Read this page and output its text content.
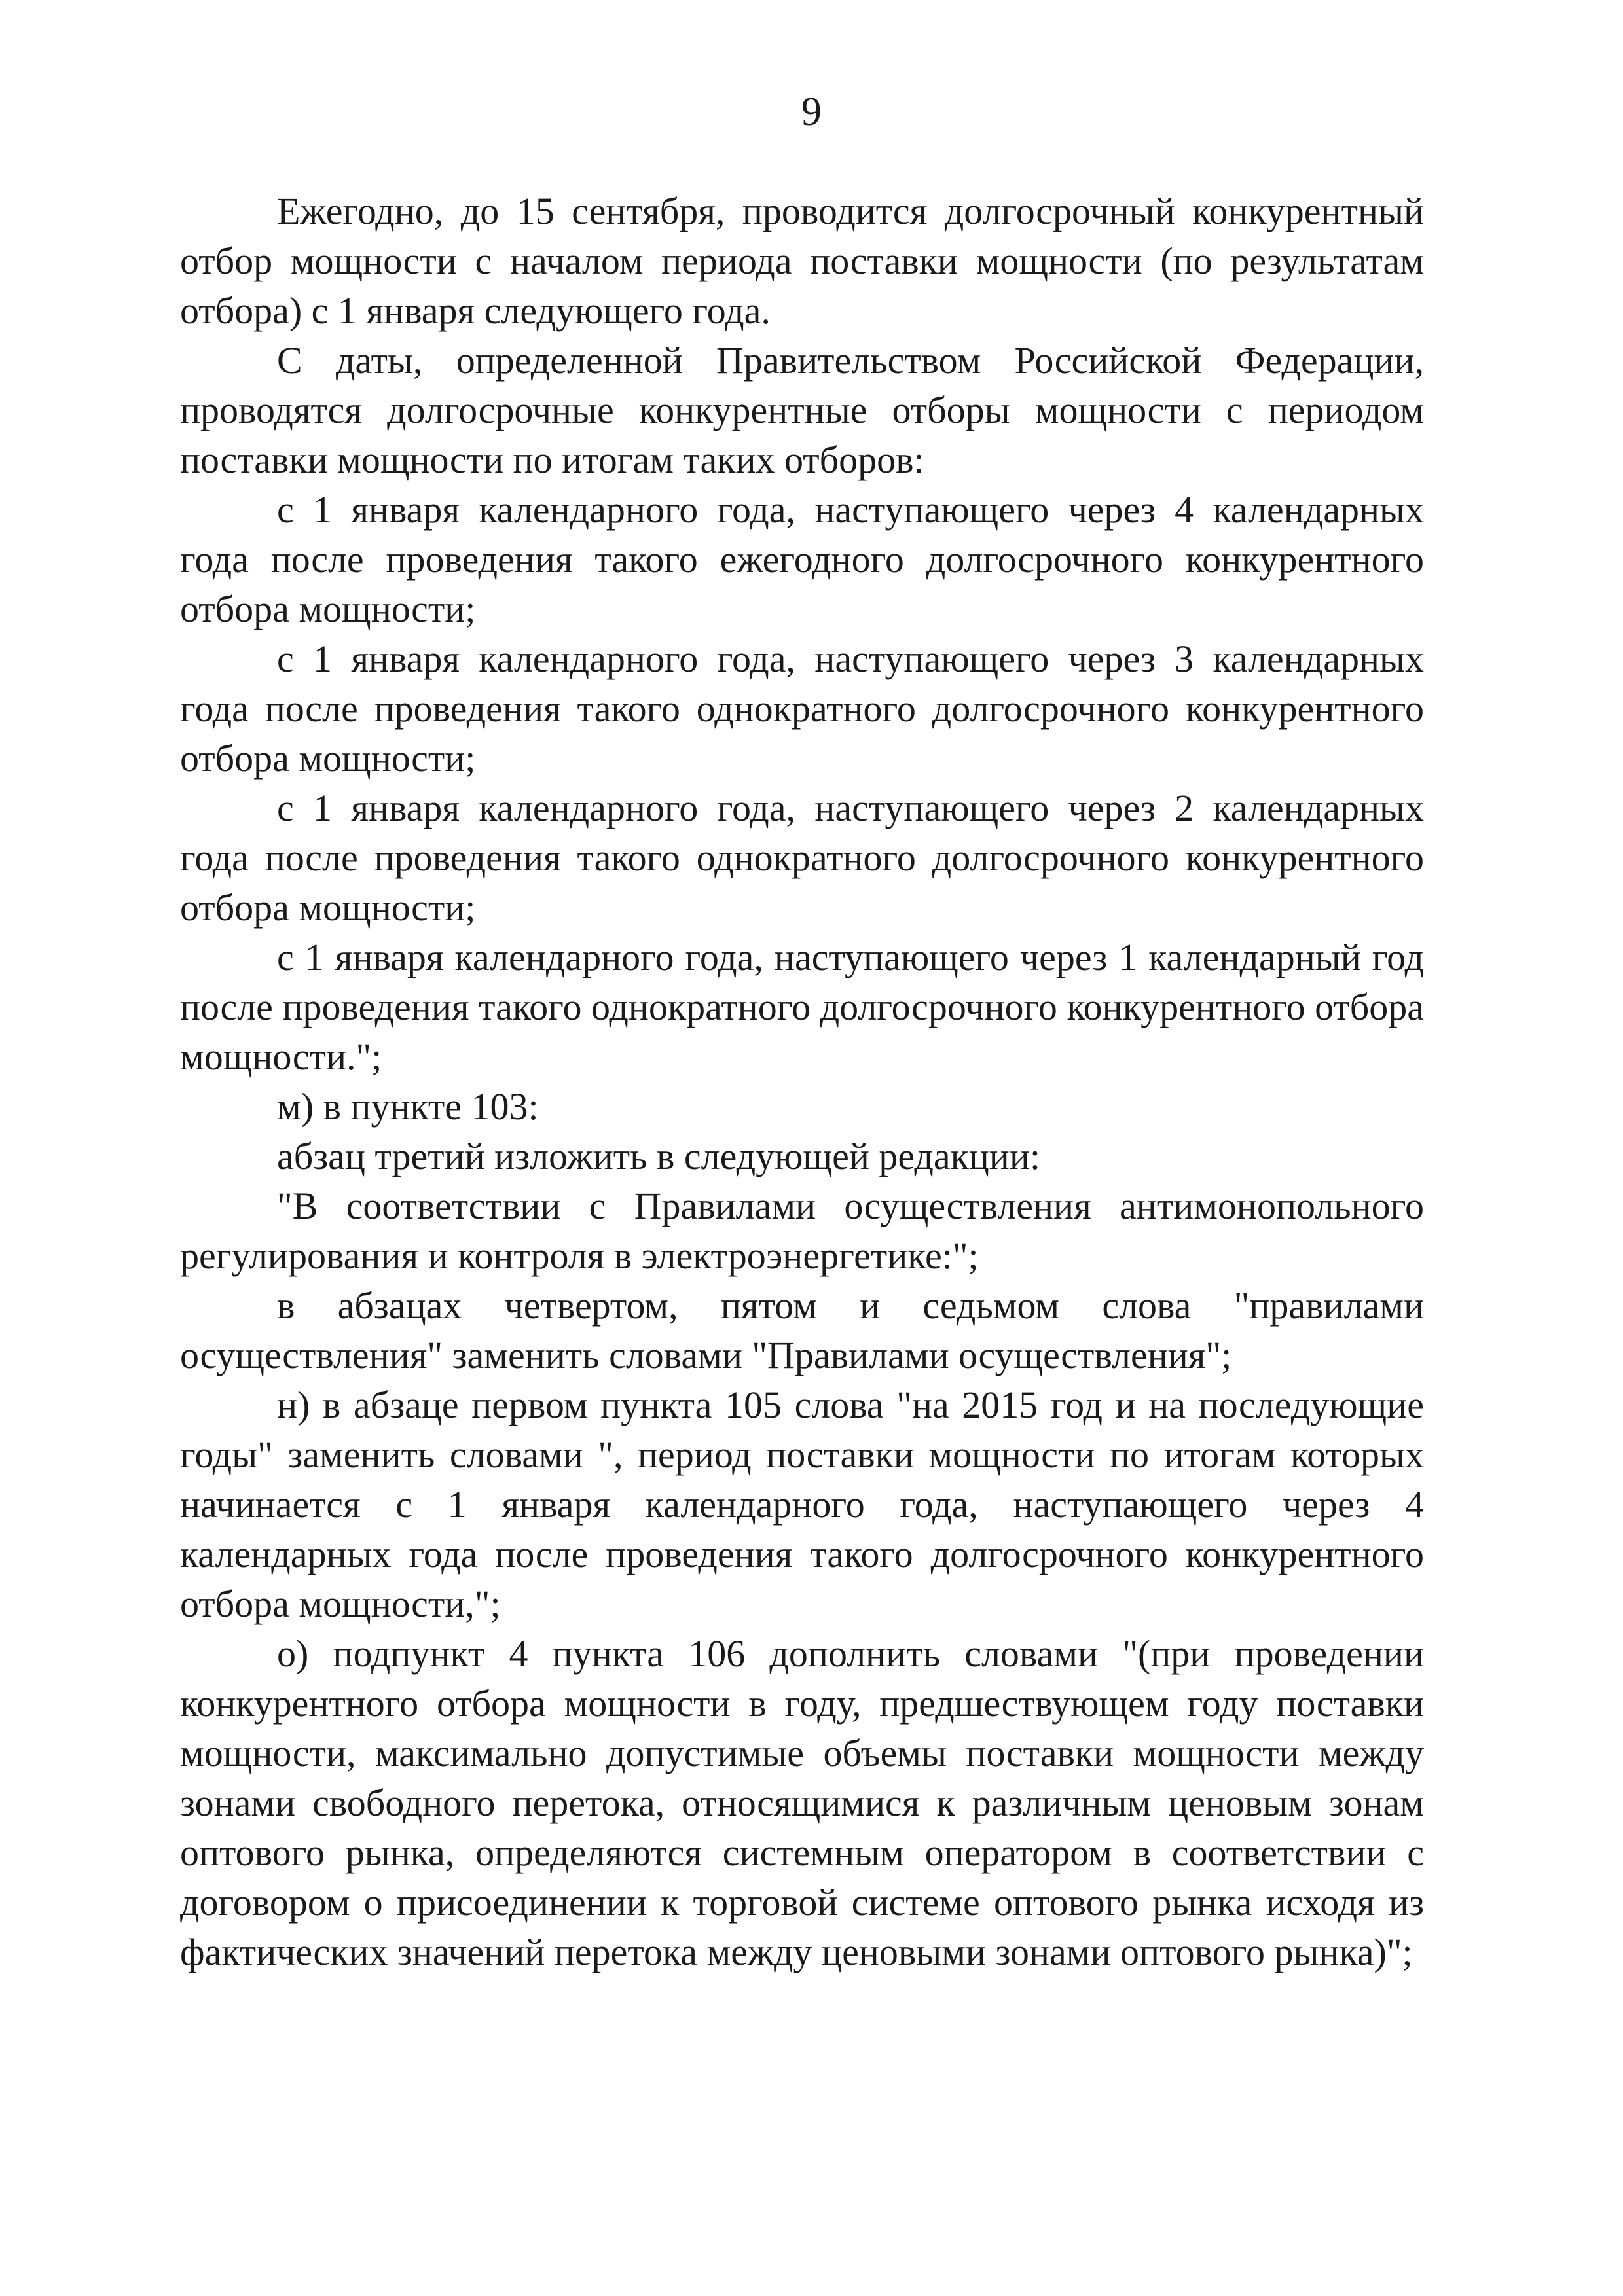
9

Ежегодно, до 15 сентября, проводится долгосрочный конкурентный отбор мощности с началом периода поставки мощности (по результатам отбора) с 1 января следующего года.

С даты, определенной Правительством Российской Федерации, проводятся долгосрочные конкурентные отборы мощности с периодом поставки мощности по итогам таких отборов:

с 1 января календарного года, наступающего через 4 календарных года после проведения такого ежегодного долгосрочного конкурентного отбора мощности;

с 1 января календарного года, наступающего через 3 календарных года после проведения такого однократного долгосрочного конкурентного отбора мощности;

с 1 января календарного года, наступающего через 2 календарных года после проведения такого однократного долгосрочного конкурентного отбора мощности;

с 1 января календарного года, наступающего через 1 календарный год после проведения такого однократного долгосрочного конкурентного отбора мощности.";

м) в пункте 103:

абзац третий изложить в следующей редакции:

"В соответствии с Правилами осуществления антимонопольного регулирования и контроля в электроэнергетике:";

в абзацах четвертом, пятом и седьмом слова "правилами осуществления" заменить словами "Правилами осуществления";

н) в абзаце первом пункта 105 слова "на 2015 год и на последующие годы" заменить словами ", период поставки мощности по итогам которых начинается с 1 января календарного года, наступающего через 4 календарных года после проведения такого долгосрочного конкурентного отбора мощности,";

о) подпункт 4 пункта 106 дополнить словами "(при проведении конкурентного отбора мощности в году, предшествующем году поставки мощности, максимально допустимые объемы поставки мощности между зонами свободного перетока, относящимися к различным ценовым зонам оптового рынка, определяются системным оператором в соответствии с договором о присоединении к торговой системе оптового рынка исходя из фактических значений перетока между ценовыми зонами оптового рынка)";
